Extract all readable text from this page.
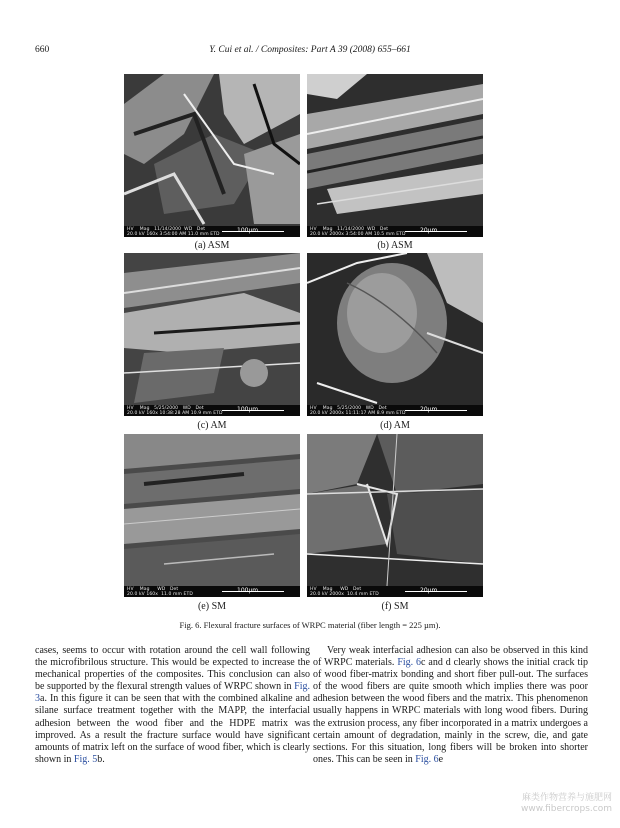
660	Y. Cui et al. / Composites: Part A 39 (2008) 655–661
HV    Mag   11/14/2000  WD   Det
20.0 kV 160x 3:54:00 AM 11.0 mm ETD	100µm
(a) ASM
HV    Mag   11/14/2000  WD   Det
20.0 kV 2000x 3:54:00 AM 10.5 mm ETD 20µm
(b) ASM
HV    Mag   5/25/2000   WD   Det
20.0 kV 160x 10:38:28 AM 10.9 mm ETD 100µm
(c) AM
HV    Mag   5/25/2000   WD   Det
20.0 kV 2000x 11:11:17 AM 8.9 mm ETD 20µm
(d) AM
HV    Mag     WD   Det
20.0 kV 160x  11.0 mm ETD	100µm
(e) SM
HV    Mag     WD   Det
20.0 kV 2000x  10.4 mm ETD	20µm
(f) SM
Fig. 6. Flexural fracture surfaces of WRPC material (fiber length = 225 µm).

cases, seems to occur with rotation around the cell wall following the microfibrilous structure. This would be expected to increase the mechanical properties of the composites. This conclusion can also be supported by the flexural strength values of WRPC shown in Fig. 3a. In this figure it can be seen that with the combined alkaline and silane surface treatment together with the MAPP, the interfacial adhesion between the wood fiber and the HDPE matrix was improved. As a result the fracture surface would have significant amounts of matrix left on the surface of wood fiber, which is clearly shown in Fig. 5b.

Very weak interfacial adhesion can also be observed in this kind of WRPC materials. Fig. 6c and d clearly shows the initial crack tip of wood fiber-matrix bonding and short fiber pull-out. The surfaces of the wood fibers are quite smooth which implies there was poor adhesion between the wood fibers and the matrix. This phenomenon usually happens in WRPC materials with long wood fibers. During the extrusion process, any fiber incorporated in a matrix undergoes a certain amount of degradation, mainly in the screw, die, and gate sections. For this situation, long fibers will be broken into shorter ones. This can be seen in Fig. 6e

麻类作物营养与施肥网
www.fibercrops.com
